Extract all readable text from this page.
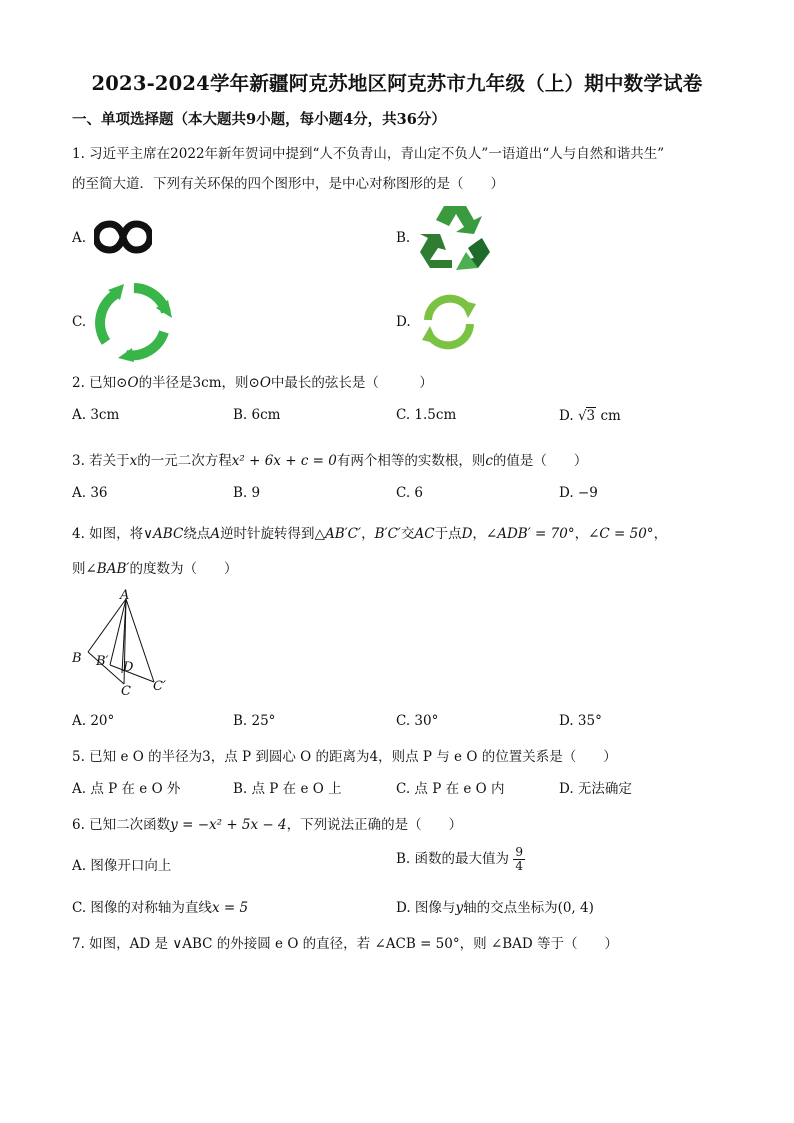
2023-2024学年新疆阿克苏地区阿克苏市九年级（上）期中数学试卷
一、单项选择题（本大题共9小题，每小题4分，共36分）
1. 习近平主席在2022年新年贺词中提到“人不负青山，青山定不负人”一语道出“人与自然和谐共生”
的至简大道．下列有关环保的四个图形中，是中心对称图形的是（　　）
A.	B.
C.	D.
2. 已知⊙O的半径是3cm，则⊙O中最长的弦长是（　　　）
A. 3cm	B. 6cm	C. 1.5cm	D. √3 cm
3. 若关于x的一元二次方程x² + 6x + c = 0有两个相等的实数根，则c的值是（　　）
A. 36	B. 9	C. 6	D. −9
4. 如图，将∨ABC绕点A逆时针旋转得到△AB′C′，B′C′交AC于点D，∠ADB′ = 70°，∠C = 50°，
则∠BAB′的度数为（　　）
A
B B′ D
C C′
A. 20°	B. 25°	C. 30°	D. 35°
5. 已知 e O 的半径为3，点 P 到圆心 O 的距离为4，则点 P 与 e O 的位置关系是（　　）
A. 点 P 在 e O 外	B. 点 P 在 e O 上	C. 点 P 在 e O 内	D. 无法确定
6. 已知二次函数y = −x² + 5x − 4，下列说法正确的是（　　）
A. 图像开口向上	B. 函数的最大值为 $\frac{9}{4}$
C. 图像的对称轴为直线x = 5	D. 图像与y轴的交点坐标为(0, 4)
7. 如图，AD 是 ∨ABC 的外接圆 e O 的直径，若 ∠ACB = 50°，则 ∠BAD 等于（　　）
